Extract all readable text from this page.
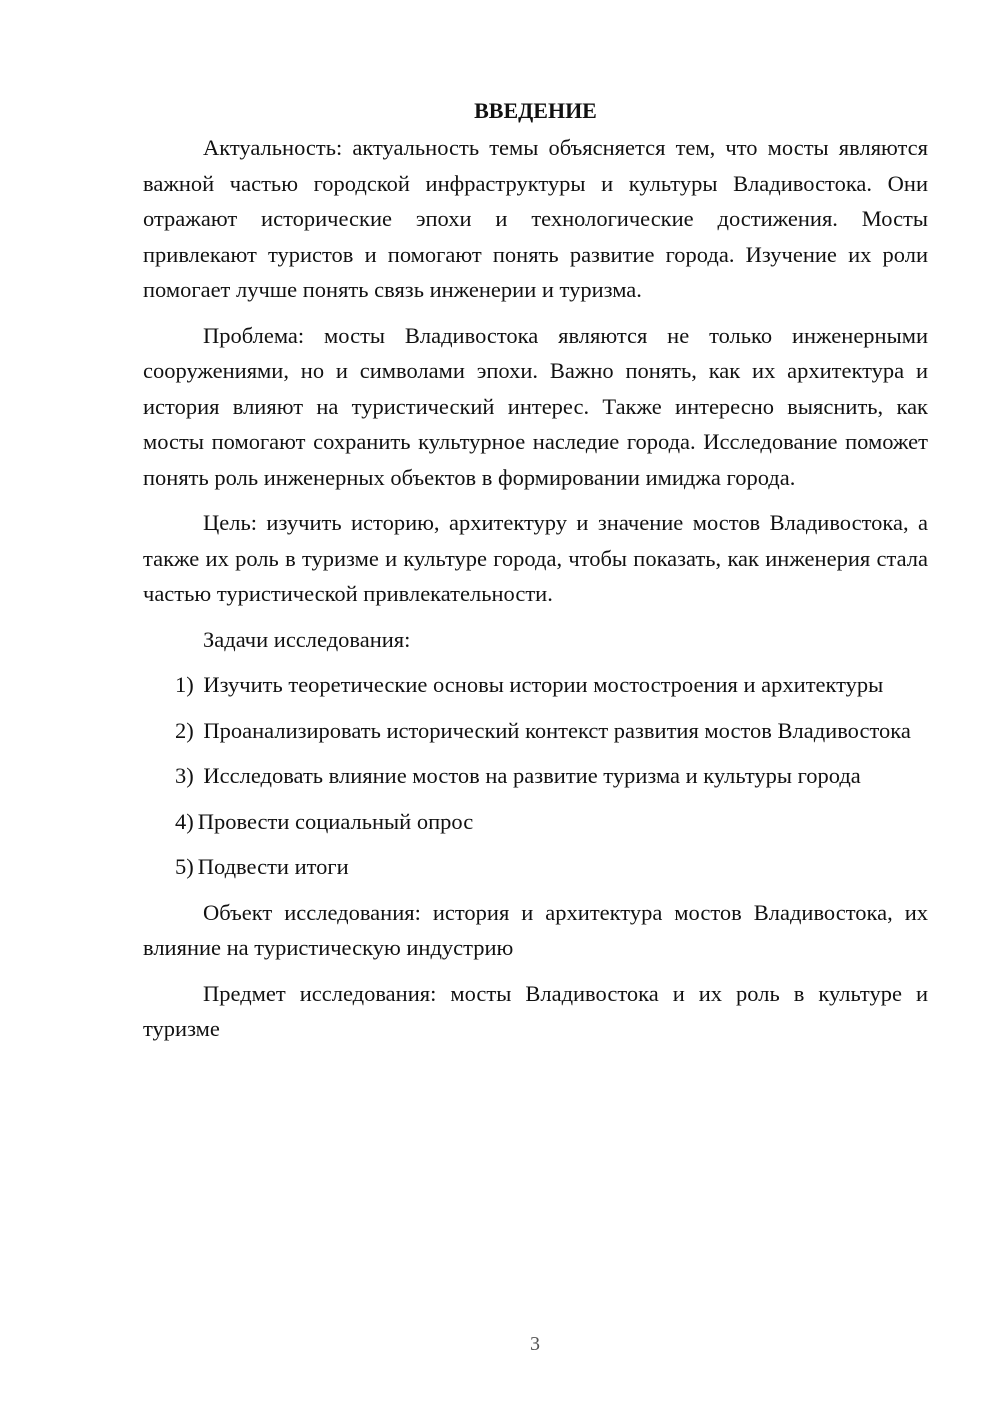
ВВЕДЕНИЕ

Актуальность: актуальность темы объясняется тем, что мосты являются важной частью городской инфраструктуры и культуры Владивостока. Они отражают исторические эпохи и технологические достижения. Мосты привлекают туристов и помогают понять развитие города. Изучение их роли помогает лучше понять связь инженерии и туризма.

Проблема: мосты Владивостока являются не только инженерными сооружениями, но и символами эпохи. Важно понять, как их архитектура и история влияют на туристический интерес. Также интересно выяснить, как мосты помогают сохранить культурное наследие города. Исследование поможет понять роль инженерных объектов в формировании имиджа города.

Цель: изучить историю, архитектуру и значение мостов Владивостока, а также их роль в туризме и культуре города, чтобы показать, как инженерия стала частью туристической привлекательности.

Задачи исследования:

1) Изучить теоретические основы истории мостостроения и архитектуры

2) Проанализировать исторический контекст развития мостов Владивостока

3) Исследовать влияние мостов на развитие туризма и культуры города

4) Провести социальный опрос

5) Подвести итоги

Объект исследования: история и архитектура мостов Владивостока, их влияние на туристическую индустрию

Предмет исследования: мосты Владивостока и их роль в культуре и туризме

3
